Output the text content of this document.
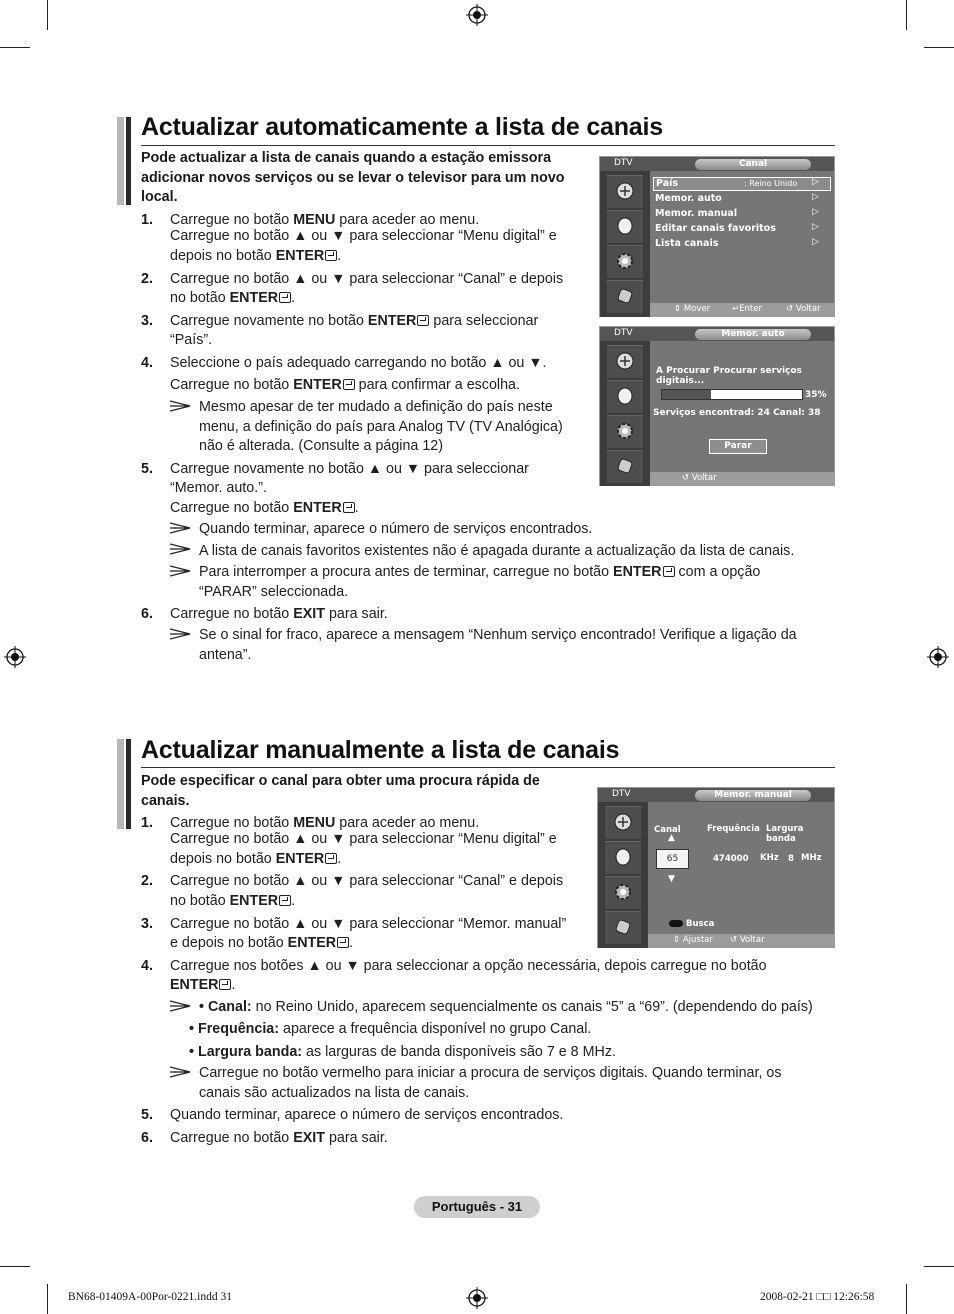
Actualizar automaticamente a lista de canais
Pode actualizar a lista de canais quando a estação emissora adicionar novos serviços ou se levar o televisor para um novo local.
1. Carregue no botão MENU para aceder ao menu.
Carregue no botão ▲ ou ▼ para seleccionar “Menu digital” e
depois no botão ENTER .
2. Carregue no botão ▲ ou ▼ para seleccionar “Canal” e depois
no botão ENTER .
3. Carregue novamente no botão ENTER para seleccionar
“País”.
4. Seleccione o país adequado carregando no botão ▲ ou ▼.
Carregue no botão ENTER para confirmar a escolha.
Mesmo apesar de ter mudado a definição do país neste menu, a definição do país para Analog TV (TV Analógica) não é alterada. (Consulte a página 12)
5. Carregue novamente no botão ▲ ou ▼ para seleccionar
“Memor. auto.”.
Carregue no botão ENTER .
Quando terminar, aparece o número de serviços encontrados.
A lista de canais favoritos existentes não é apagada durante a actualização da lista de canais.
Para interromper a procura antes de terminar, carregue no botão ENTER com a opção “PARAR” seleccionada.
6. Carregue no botão EXIT para sair.
Se o sinal for fraco, aparece a mensagem “Nenhum serviço encontrado! Verifique a ligação da antena”.
DTV	Canal
País	: Reino Unido ▷
Memor. auto	▷
Memor. manual	▷
Editar canais favoritos	▷
Lista canais	▷
⇕ Mover	↵Enter	↺ Voltar
DTV	Memor. auto
A Procurar Procurar serviços digitais...
35%
Serviços encontrad: 24 Canal: 38
Parar
↺ Voltar
Actualizar manualmente a lista de canais
Pode especificar o canal para obter uma procura rápida de canais.
1. Carregue no botão MENU para aceder ao menu.
Carregue no botão ▲ ou ▼ para seleccionar “Menu digital” e
depois no botão ENTER .
2. Carregue no botão ▲ ou ▼ para seleccionar “Canal” e depois
no botão ENTER .
3. Carregue no botão ▲ ou ▼ para seleccionar “Memor. manual”
e depois no botão ENTER .
4. Carregue nos botões ▲ ou ▼ para seleccionar a opção necessária, depois carregue no botão
ENTER .
• Canal: no Reino Unido, aparecem sequencialmente os canais “5” a “69”. (dependendo do país)
• Frequência: aparece a frequência disponível no grupo Canal.
• Largura banda: as larguras de banda disponíveis são 7 e 8 MHz.
Carregue no botão vermelho para iniciar a procura de serviços digitais. Quando terminar, os canais são actualizados na lista de canais.
5. Quando terminar, aparece o número de serviços encontrados.
6. Carregue no botão EXIT para sair.
DTV	Memor. manual
Canal	Frequência Largura banda
▲
65
▼
474000 KHz 8 MHz
Busca
⇕ Ajustar ↺ Voltar
Português - 31
BN68-01409A-00Por-0221.indd 31	2008-02-21 □□ 12:26:58
